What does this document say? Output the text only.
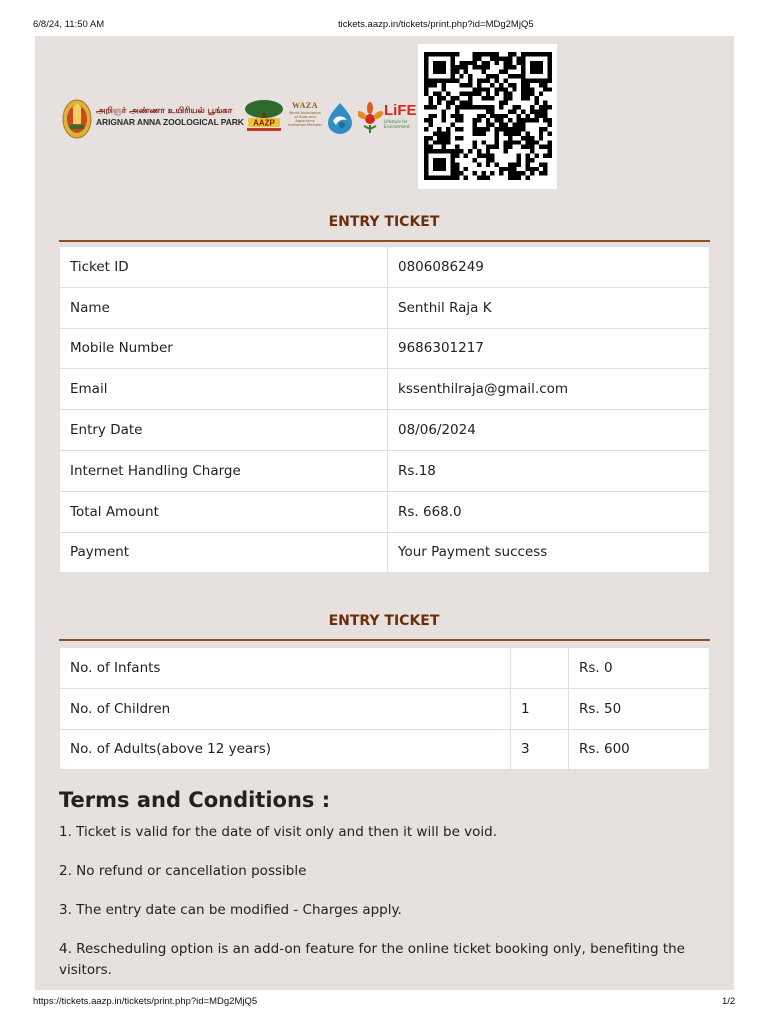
6/8/24, 11:50 AM	tickets.aazp.in/tickets/print.php?id=MDg2MjQ5
அறிஞர் அண்ணா உயிரியல் பூங்கா
ARIGNAR ANNA ZOOLOGICAL PARK AAZP
WAZA
World Association of Zoos and Aquariums Institution Member
LiFE
Lifestyle for Environment
ENTRY TICKET
Ticket ID	0806086249
Name	Senthil Raja K
Mobile Number	9686301217
Email	kssenthilraja@gmail.com
Entry Date	08/06/2024
Internet Handling Charge	Rs.18
Total Amount	Rs. 668.0
Payment	Your Payment success
ENTRY TICKET
No. of Infants		Rs. 0
No. of Children	1	Rs. 50
No. of Adults(above 12 years)	3	Rs. 600
Terms and Conditions :

1. Ticket is valid for the date of visit only and then it will be void.

2. No refund or cancellation possible

3. The entry date can be modified - Charges apply.

4. Rescheduling option is an add-on feature for the online ticket booking only, benefiting the visitors.

https://tickets.aazp.in/tickets/print.php?id=MDg2MjQ5	1/2
